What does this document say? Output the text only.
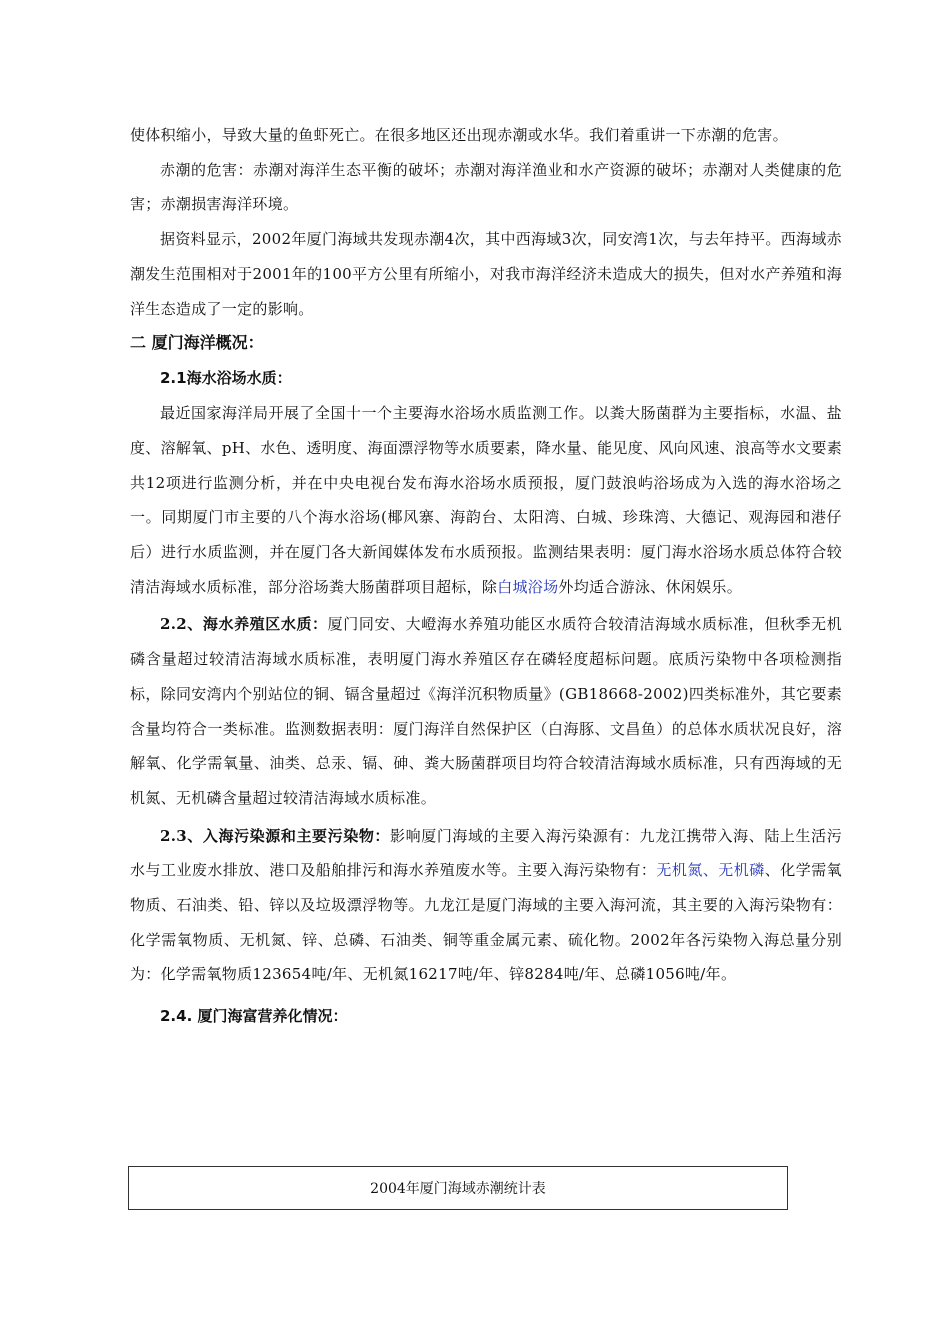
使体积缩小，导致大量的鱼虾死亡。在很多地区还出现赤潮或水华。我们着重讲一下赤潮的危害。

赤潮的危害：赤潮对海洋生态平衡的破坏；赤潮对海洋渔业和水产资源的破坏；赤潮对人类健康的危害；赤潮损害海洋环境。

据资料显示，2002年厦门海域共发现赤潮4次，其中西海域3次，同安湾1次，与去年持平。西海域赤潮发生范围相对于2001年的100平方公里有所缩小，对我市海洋经济未造成大的损失，但对水产养殖和海洋生态造成了一定的影响。

二 厦门海洋概况：
2.1海水浴场水质：

最近国家海洋局开展了全国十一个主要海水浴场水质监测工作。以粪大肠菌群为主要指标，水温、盐度、溶解氧、pH、水色、透明度、海面漂浮物等水质要素，降水量、能见度、风向风速、浪高等水文要素共12项进行监测分析，并在中央电视台发布海水浴场水质预报，厦门鼓浪屿浴场成为入选的海水浴场之一。同期厦门市主要的八个海水浴场(椰风寨、海韵台、太阳湾、白城、珍珠湾、大德记、观海园和港仔后）进行水质监测，并在厦门各大新闻媒体发布水质预报。监测结果表明：厦门海水浴场水质总体符合较清洁海域水质标准，部分浴场粪大肠菌群项目超标，除白城浴场外均适合游泳、休闲娱乐。

2.2、海水养殖区水质：厦门同安、大嶝海水养殖功能区水质符合较清洁海域水质标准，但秋季无机磷含量超过较清洁海域水质标准，表明厦门海水养殖区存在磷轻度超标问题。底质污染物中各项检测指标，除同安湾内个别站位的铜、镉含量超过《海洋沉积物质量》(GB18668-2002)四类标准外，其它要素含量均符合一类标准。监测数据表明：厦门海洋自然保护区（白海豚、文昌鱼）的总体水质状况良好，溶解氧、化学需氧量、油类、总汞、镉、砷、粪大肠菌群项目均符合较清洁海域水质标准，只有西海域的无机氮、无机磷含量超过较清洁海域水质标准。

2.3、入海污染源和主要污染物：影响厦门海域的主要入海污染源有：九龙江携带入海、陆上生活污水与工业废水排放、港口及船舶排污和海水养殖废水等。主要入海污染物有：无机氮、无机磷、化学需氧物质、石油类、铅、锌以及垃圾漂浮物等。九龙江是厦门海域的主要入海河流，其主要的入海污染物有：化学需氧物质、无机氮、锌、总磷、石油类、铜等重金属元素、硫化物。2002年各污染物入海总量分别为：化学需氧物质123654吨/年、无机氮16217吨/年、锌8284吨/年、总磷1056吨/年。

2.4. 厦门海富营养化情况：
2004年厦门海域赤潮统计表
